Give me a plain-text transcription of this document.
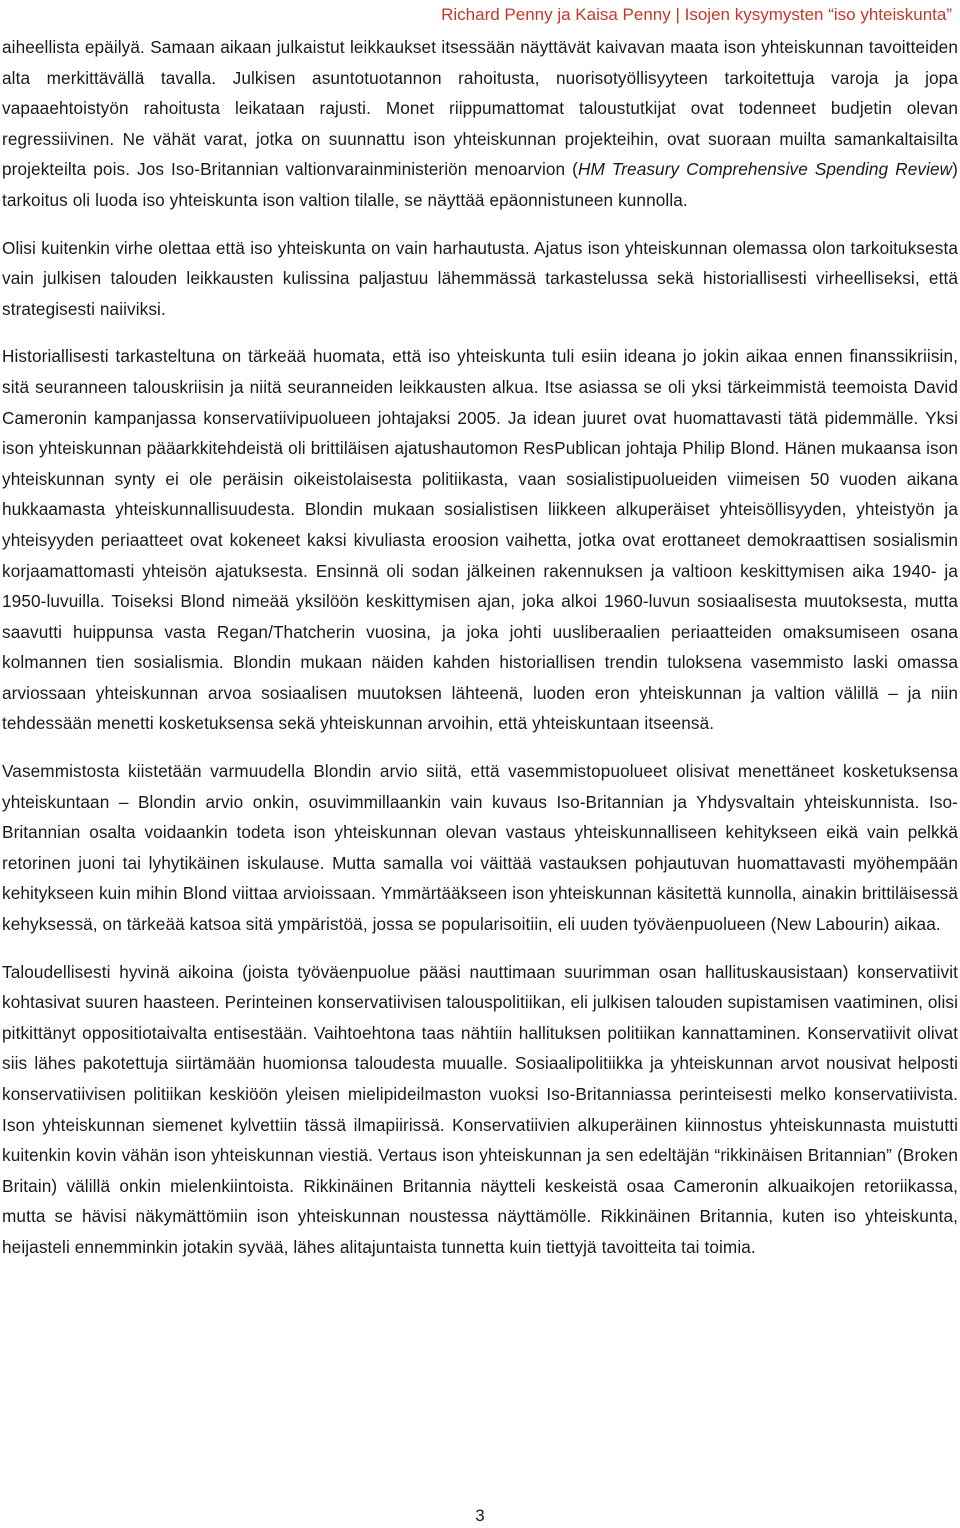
Richard Penny ja Kaisa Penny | Isojen kysymysten “iso yhteiskunta”

aiheellista epäilyä. Samaan aikaan julkaistut leikkaukset itsessään näyttävät kaivavan maata ison yhteiskunnan tavoitteiden alta merkittävällä tavalla. Julkisen asuntotuotannon rahoitusta, nuorisotyöllisyyteen tarkoitettuja varoja ja jopa vapaaehtoistyön rahoitusta leikataan rajusti. Monet riippumattomat taloustutkijat ovat todenneet budjetin olevan regressiivinen. Ne vähät varat, jotka on suunnattu ison yhteiskunnan projekteihin, ovat suoraan muilta samankaltaisilta projekteilta pois. Jos Iso-Britannian valtionvarainministeriön menoarvion (HM Treasury Comprehensive Spending Review) tarkoitus oli luoda iso yhteiskunta ison valtion tilalle, se näyttää epäonnistuneen kunnolla.

Olisi kuitenkin virhe olettaa että iso yhteiskunta on vain harhautusta. Ajatus ison yhteiskunnan olemassa olon tarkoituksesta vain julkisen talouden leikkausten kulissina paljastuu lähemmässä tarkastelussa sekä historiallisesti virheelliseksi, että strategisesti naiiviksi.

Historiallisesti tarkasteltuna on tärkeää huomata, että iso yhteiskunta tuli esiin ideana jo jokin aikaa ennen finanssikriisin, sitä seuranneen talouskriisin ja niitä seuranneiden leikkausten alkua. Itse asiassa se oli yksi tärkeimmistä teemoista David Cameronin kampanjassa konservatiivipuolueen johtajaksi 2005. Ja idean juuret ovat huomattavasti tätä pidemmälle. Yksi ison yhteiskunnan pääarkkitehdeistä oli brittiläisen ajatushautomon ResPublican johtaja Philip Blond. Hänen mukaansa ison yhteiskunnan synty ei ole peräisin oikeistolaisesta politiikasta, vaan sosialistipuolueiden viimeisen 50 vuoden aikana hukkaamasta yhteiskunnallisuudesta. Blondin mukaan sosialistisen liikkeen alkuperäiset yhteisöllisyyden, yhteistyön ja yhteisyyden periaatteet ovat kokeneet kaksi kivuliasta eroosion vaihetta, jotka ovat erottaneet demokraattisen sosialismin korjaamattomasti yhteisön ajatuksesta. Ensinnä oli sodan jälkeinen rakennuksen ja valtioon keskittymisen aika 1940- ja 1950-luvuilla. Toiseksi Blond nimeää yksilöön keskittymisen ajan, joka alkoi 1960-luvun sosiaalisesta muutoksesta, mutta saavutti huippunsa vasta Regan/Thatcherin vuosina, ja joka johti uusliberaalien periaatteiden omaksumiseen osana kolmannen tien sosialismia. Blondin mukaan näiden kahden historiallisen trendin tuloksena vasemmisto laski omassa arviossaan yhteiskunnan arvoa sosiaalisen muutoksen lähteenä, luoden eron yhteiskunnan ja valtion välillä – ja niin tehdessään menetti kosketuksensa sekä yhteiskunnan arvoihin, että yhteiskuntaan itseensä.

Vasemmistosta kiistetään varmuudella Blondin arvio siitä, että vasemmistopuolueet olisivat menettäneet kosketuksensa yhteiskuntaan – Blondin arvio onkin, osuvimmillaankin vain kuvaus Iso-Britannian ja Yhdysvaltain yhteiskunnista. Iso-Britannian osalta voidaankin todeta ison yhteiskunnan olevan vastaus yhteiskunnalliseen kehitykseen eikä vain pelkkä retorinen juoni tai lyhytikäinen iskulause. Mutta samalla voi väittää vastauksen pohjautuvan huomattavasti myöhempään kehitykseen kuin mihin Blond viittaa arvioissaan. Ymmärtääkseen ison yhteiskunnan käsitettä kunnolla, ainakin brittiläisessä kehyksessä, on tärkeää katsoa sitä ympäristöä, jossa se popularisoitiin, eli uuden työväenpuolueen (New Labourin) aikaa.

Taloudellisesti hyvinä aikoina (joista työväenpuolue pääsi nauttimaan suurimman osan hallituskausistaan) konservatiivit kohtasivat suuren haasteen. Perinteinen konservatiivisen talouspolitiikan, eli julkisen talouden supistamisen vaatiminen, olisi pitkittänyt oppositiotaivalta entisestään. Vaihtoehtona taas nähtiin hallituksen politiikan kannattaminen. Konservatiivit olivat siis lähes pakotettuja siirtämään huomionsa taloudesta muualle. Sosiaalipolitiikka ja yhteiskunnan arvot nousivat helposti konservatiivisen politiikan keskiöön yleisen mielipideilmaston vuoksi Iso-Britanniassa perinteisesti melko konservatiivista. Ison yhteiskunnan siemenet kylvettiin tässä ilmapiirissä. Konservatiivien alkuperäinen kiinnostus yhteiskunnasta muistutti kuitenkin kovin vähän ison yhteiskunnan viestiä. Vertaus ison yhteiskunnan ja sen edeltäjän “rikkinäisen Britannian” (Broken Britain) välillä onkin mielenkiintoista. Rikkinäinen Britannia näytteli keskeistä osaa Cameronin alkuaikojen retoriikassa, mutta se hävisi näkymättömiin ison yhteiskunnan noustessa näyttämölle. Rikkinäinen Britannia, kuten iso yhteiskunta, heijasteli ennemminkin jotakin syvää, lähes alitajuntaista tunnetta kuin tiettyjä tavoitteita tai toimia.

3
